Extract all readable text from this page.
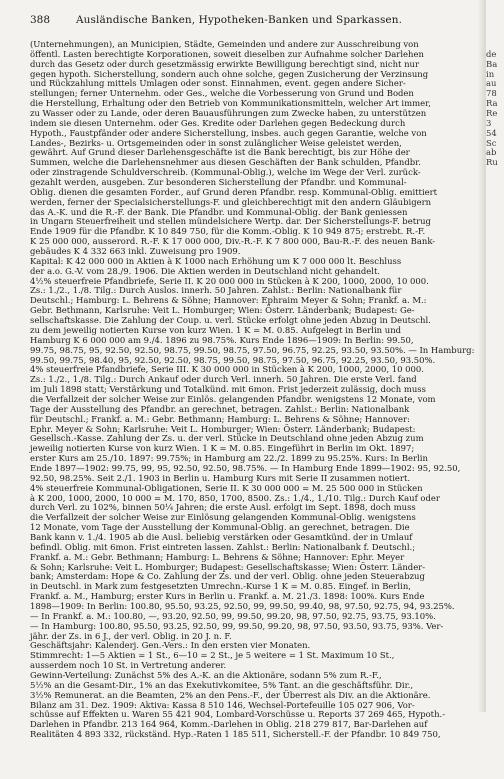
388 Ausländische Banken, Hypotheken-Banken und Sparkassen.
(Unternehmungen), an Municipien, Städte, Gemeinden und andere zur Ausschreibung von
öffentl. Lasten berechtigte Korporationen, soweit dieselben zur Aufnahme solcher Darlehen
durch das Gesetz oder durch gesetzmässig erwirkte Bewilligung berechtigt sind, nicht nur
gegen hypoth. Sicherstellung, sondern auch ohne solche, gegen Zusicherung der Verzinsung
und Rückzahlung mittels Umlagen oder sonst. Einnahmen, event. gegen andere Sicher-
stellungen; ferner Unternehm. oder Ges., welche die Vorbesserung von Grund und Boden
die Herstellung, Erhaltung oder den Betrieb von Kommunikationsmitteln, welcher Art immer,
zu Wasser oder zu Lande, oder deren Bauausführungen zum Zwecke haben, zu unterstützen
indem sie diesen Unternehm. oder Ges. Kredite oder Darlehen gegen Bedeckung durch
Hypoth., Faustpfänder oder andere Sicherstellung, insbes. auch gegen Garantie, welche von
Landes-, Bezirks- u. Ortsgemeinden oder in sonst zulänglicher Weise geleistet werden,
gewährt. Auf Grund dieser Darlehensgeschäfte ist die Bank berechtigt, bis zur Höhe der
Summen, welche die Darlehensnehmer aus diesen Geschäften der Bank schulden, Pfandbr.
oder zinstragende Schuldverschreib. (Kommunal-Oblig.), welche im Wege der Verl. zurück-
gezahlt werden, ausgeben. Zur besonderen Sicherstellung der Pfandbr. und Kommunal-
Oblig. dienen die gesamten Forder., auf Grund deren Pfandbr. resp. Kommunal-Oblig. emittiert
werden, ferner der Specialsicherstellungs-F. und gleichberechtigt mit den andern Gläubigern
das A.-K. und die R.-F. der Bank. Die Pfandbr. und Kommunal-Oblig. der Bank geniessen
in Ungarn Steuerfreiheit und stellen mündelsichere Wertp. dar. Der Sicherstellungs-F. betrug
Ende 1909 für die Pfandbr. K 10 849 750, für die Komm.-Oblig. K 10 949 875; erstrebt. R.-F.
K 25 000 000, ausserord. R.-F. K 17 000 000, Div.-R.-F. K 7 800 000, Bau-R.-F. des neuen Bank-
gebäudes K 4 332 663 inkl. Zuweisung pro 1909.
Kapital: K 42 000 000 in Aktien à K 1000 nach Erhöhung um K 7 000 000 lt. Beschluss
der a.o. G.-V. vom 28./9. 1906. Die Aktien werden in Deutschland nicht gehandelt.
4½% steuerfreie Pfandbriefe, Serie II. K 20 000 000 in Stücken à K 200, 1000, 2000, 10 000.
Zs.: 1./2., 1./8. Tilg.: Durch Auslos. innerh. 50 Jahren. Zahlst.: Berlin: Nationalbank für
Deutschl.; Hamburg: L. Behrens & Söhne; Hannover: Ephraim Meyer & Sohn; Frankf. a. M.:
Gebr. Bethmann, Karlsruhe: Veit L. Homburger; Wien: Österr. Länderbank; Budapest: Ge-
sellschaftskasse. Die Zahlung der Coup. u. verl. Stücke erfolgt ohne jeden Abzug in Deutschl.
zu dem jeweilig notierten Kurse von kurz Wien. 1 K = M. 0.85. Aufgelegt in Berlin und
Hamburg K 6 000 000 am 9./4. 1896 zu 98.75%. Kurs Ende 1896—1909: In Berlin: 99.50,
99.75, 98.75, 95, 92.50, 92.50, 98.75, 99.50, 98.75, 97.50, 96.75, 92.25, 93.50, 93.50%. — In Hamburg:
99.50, 99.75, 98.40, 95, 92.50, 92.50, 98.75, 99.50, 98.75, 97.50, 96.75, 92.25, 93.50, 93.50%.
4% steuerfreie Pfandbriefe, Serie III. K 30 000 000 in Stücken à K 200, 1000, 2000, 10 000.
Zs.: 1./2., 1./8. Tilg.: Durch Ankauf oder durch Verl. innerh. 50 Jahren. Die erste Verl. fand
im Juli 1898 statt; Verstärkung und Totalkünd. mit 6mon. Frist jederzeit zulässig, doch muss
die Verfallzeit der solcher Weise zur Einlös. gelangenden Pfandbr. wenigstens 12 Monate, vom
Tage der Ausstellung des Pfandbr. an gerechnet, betragen. Zahlst.: Berlin: Nationalbank
für Deutschl.; Frankf. a. M.: Gebr. Bethmann; Hamburg: L. Behrens & Söhne; Hannover:
Ephr. Meyer & Sohn; Karlsruhe: Veit L. Homburger; Wien: Österr. Länderbank; Budapest:
Gesellsch.-Kasse. Zahlung der Zs. u. der verl. Stücke in Deutschland ohne jeden Abzug zum
jeweilig notierten Kurse von kurz Wien. 1 K = M. 0.85. Eingeführt in Berlin im Okt. 1897;
erster Kurs am 25./10. 1897: 99.75%; in Hamburg am 22./2. 1899 zu 95.25%. Kurs: In Berlin
Ende 1897—1902: 99.75, 99, 95, 92.50, 92.50, 98.75%. — In Hamburg Ende 1899—1902: 95, 92.50,
92.50, 98.25%. Seit 2./1. 1903 in Berlin u. Hamburg Kurs mit Serie II zusammen notiert.
4% steuerfreie Kommunal-Obligationen, Serie II. K 30 000 000 = M. 25 500 000 in Stücken
à K 200, 1000, 2000, 10 000 = M. 170, 850, 1700, 8500. Zs.: 1./4., 1./10. Tilg.: Durch Kauf oder
durch Verl. zu 102%, binnen 50¼ Jahren; die erste Ausl. erfolgt im Sept. 1898, doch muss
die Verfallzeit der solcher Weise zur Einlösung gelangenden Kommunal-Oblig. wenigstens
12 Monate, vom Tage der Ausstellung der Kommunal-Oblig. an gerechnet, betragen. Die
Bank kann v. 1./4. 1905 ab die Ausl. beliebig verstärken oder Gesamtkünd. der in Umlauf
befindl. Oblig. mit 6mon. Frist eintreten lassen. Zahlst.: Berlin: Nationalbank f. Deutschl.;
Frankf. a. M.: Gebr. Bethmann; Hamburg: L. Behrens & Söhne; Hannover: Ephr. Meyer
& Sohn; Karlsruhe: Veit L. Homburger; Budapest: Gesellschaftskasse; Wien: Österr. Länder-
bank; Amsterdam: Hope & Co. Zahlung der Zs. und der verl. Oblig. ohne jeden Steuerabzug
in Deutschl. in Mark zum festgesetzten Umrechn.-Kurse 1 K = M. 0.85. Eingef. in Berlin,
Frankf. a. M., Hamburg; erster Kurs in Berlin u. Frankf. a. M. 21./3. 1898: 100%. Kurs Ende
1898—1909: In Berlin: 100.80, 95.50, 93.25, 92.50, 99, 99.50, 99.40, 98, 97.50, 92.75, 94, 93.25%.
— In Frankf. a. M.: 100.80, —, 93.20, 92.50, 99, 99.50, 99.20, 98, 97.50, 92.75, 93.75, 93.10%.
— In Hamburg: 100.80, 95.50, 93.25, 92.50, 99, 99.50, 99.20, 98, 97.50, 93.50, 93.75, 93%. Ver-
jähr. der Zs. in 6 J., der verl. Oblig. in 20 J. n. F.
Geschäftsjahr: Kalenderj. Gen.-Vers.: In den ersten vier Monaten.
Stimmrecht: 1—5 Aktien = 1 St., 6—10 = 2 St., je 5 weitere = 1 St. Maximum 10 St.,
ausserdem noch 10 St. in Vertretung anderer.
Gewinn-Verteilung: Zunächst 5% des A.-K. an die Aktionäre, sodann 5% zum R.-F.,
5½% an die Gesamt-Dir., 1% an das Exekutivkomitee, 5% Tant. an die geschäftsführ. Dir.,
3½% Remunerat. an die Beamten, 2% an den Pens.-F., der Überrest als Div. an die Aktionäre.
Bilanz am 31. Dez. 1909: Aktiva: Kassa 8 510 146, Wechsel-Portefeuille 105 027 906, Vor-
schüsse auf Effekten u. Waren 55 421 904, Lombard-Vorschüsse u. Reports 37 269 465, Hypoth.-
Darlehen in Pfandbr. 213 164 964, Komm.-Darlehen in Oblig. 218 279 817, Bar-Darlehen auf
Realitäten 4 893 332, rückständ. Hyp.-Raten 1 185 511, Sicherstell.-F. der Pfandbr. 10 849 750,
de
Ba
in
au
78
Ra
Re
3
54
Sc
ab
Ru
